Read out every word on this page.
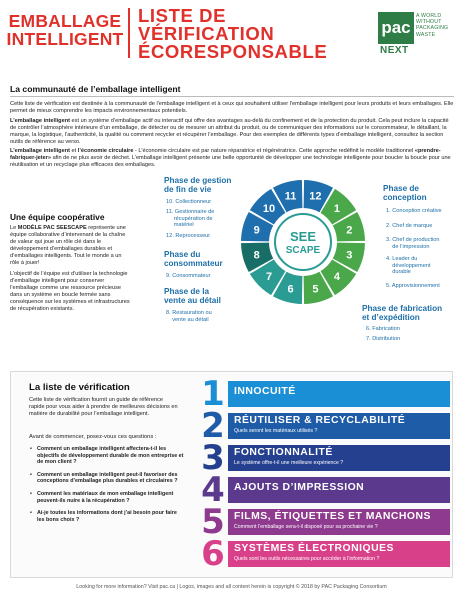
EMBALLAGE
INTELLIGENT
LISTE DE
VÉRIFICATION
ÉCORESPONSABLE
pac
NEXT
A WORLD
WITHOUT
PACKAGING
WASTE
La communauté de l’emballage intelligent

Cette liste de vérification est destinée à la communauté de l'emballage intelligent et à ceux qui souhaitent utiliser l'emballage intelligent pour leurs produits et leurs emballages. Elle permet de mieux comprendre les impacts environnementaux potentiels.

L’emballage intelligent est un système d’emballage actif ou interactif qui offre des avantages au-delà du confinement et de la protection du produit. Cela peut inclure la capacité de contrôler l’atmosphère intérieure d’un emballage, de détecter ou de mesurer un attribut du produit, ou de communiquer des informations sur le consommateur, le détaillant, la marque, la logistique, l’authenticité, la qualité ou comment recycler et récupérer l’emballage. Pour des exemples de différents types d’emballage intelligent, consultez la section outils de référence au verso.

L’emballage intelligent et l’économie circulaire - L’économie circulaire est par nature réparatrice et régénératrice. Cette approche redéfinit le modèle traditionnel «prendre-fabriquer-jeter» afin de ne plus avoir de déchet. L’emballage intelligent présente une belle opportunité de développer une technologie intelligente pour boucler la boucle pour une réutilisation et un recyclage plus efficaces des emballages.

Une équipe coopérative

Le MODÈLE PAC SEESCAPE représente une équipe collaborative d’intervenant de la chaîne de valeur qui joue un rôle clé dans le développement d’emballages durables et d’emballages intelligents. Tout le monde a un rôle à jouer!

L’objectif de l’équipe est d’utiliser la technologie d’emballage intelligent pour conserver l’emballage comme une ressource précieuse dans un système en boucle fermée sans conséquence sur les systèmes et infrastructures de récupération existants.

1
2
3
4
5
6
7
8
9
10
11 12
SEE
SCAPE
Phase de gestion
de fin de vie
10. Collectionneur
11. Gestionnaire de
récupération de
matériel
12. Reprocesseur
Phase du
consommateur
9. Consommateur
Phase de la
vente au détail
8. Restauration ou
vente au détail
Phase de
conception
1. Conception créative
2. Chef de marque
3. Chef de production
de l’impression
4. Leader du
développement
durable
5. Approvisionnement
Phase de fabrication
et d’expédition
6. Fabrication
7. Distribution
La liste de vérification
Cette liste de vérification fournit un guide de référence rapide pour vous aider à prendre de meilleures décisions en matière de durabilité pour l’emballage intelligent.
Avant de commencer, posez-vous ces questions :
• Comment un emballage intelligent affectera-t-il les objectifs de développement durable de mon entreprise et de mon client ?
• Comment un emballage intelligent peut-il favoriser des conceptions d’emballage plus durables et circulaires ?
• Comment les matériaux de mon emballage intelligent peuvent-ils nuire à la récupération ?
• Ai-je toutes les informations dont j’ai besoin pour faire les bons choix ?
1 INNOCUITÉ
2 RÉUTILISER & RECYCLABILITÉ
Quels seront les matériaux utilisés ?
3 FONCTIONNALITÉ
Le système offre-t-il une meilleure expérience ?
4 AJOUTS D’IMPRESSION
5 FILMS, ÉTIQUETTES ET MANCHONS
Comment l’emballage sera-t-il disposé pour sa prochaine vie ?
6 SYSTÈMES ÉLECTRONIQUES
Quels sont les outils nécessaires pour accéder à l’information ?
Looking for more information? Visit pac.ca | Logos, images and all content herein is copyright © 2018 by PAC Packaging Consortium
